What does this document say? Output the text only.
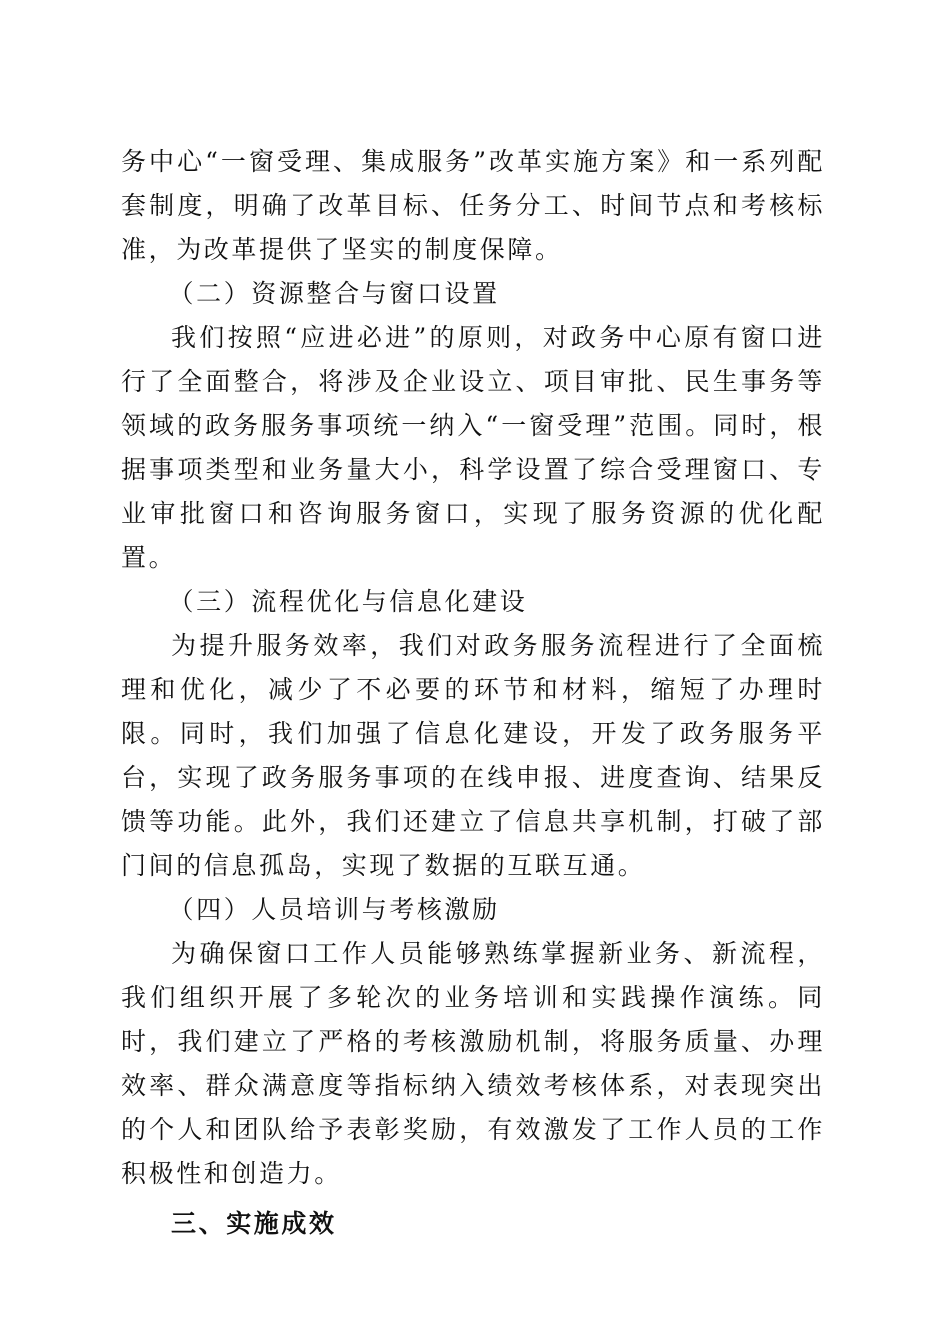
务中心“一窗受理、集成服务”改革实施方案》和一系列配套制度，明确了改革目标、任务分工、时间节点和考核标准，为改革提供了坚实的制度保障。

（二）资源整合与窗口设置

我们按照“应进必进”的原则，对政务中心原有窗口进行了全面整合，将涉及企业设立、项目审批、民生事务等领域的政务服务事项统一纳入“一窗受理”范围。同时，根据事项类型和业务量大小，科学设置了综合受理窗口、专业审批窗口和咨询服务窗口，实现了服务资源的优化配置。

（三）流程优化与信息化建设

为提升服务效率，我们对政务服务流程进行了全面梳理和优化，减少了不必要的环节和材料，缩短了办理时限。同时，我们加强了信息化建设，开发了政务服务平台，实现了政务服务事项的在线申报、进度查询、结果反馈等功能。此外，我们还建立了信息共享机制，打破了部门间的信息孤岛，实现了数据的互联互通。

（四）人员培训与考核激励

为确保窗口工作人员能够熟练掌握新业务、新流程，我们组织开展了多轮次的业务培训和实践操作演练。同时，我们建立了严格的考核激励机制，将服务质量、办理效率、群众满意度等指标纳入绩效考核体系，对表现突出的个人和团队给予表彰奖励，有效激发了工作人员的工作积极性和创造力。

三、实施成效
